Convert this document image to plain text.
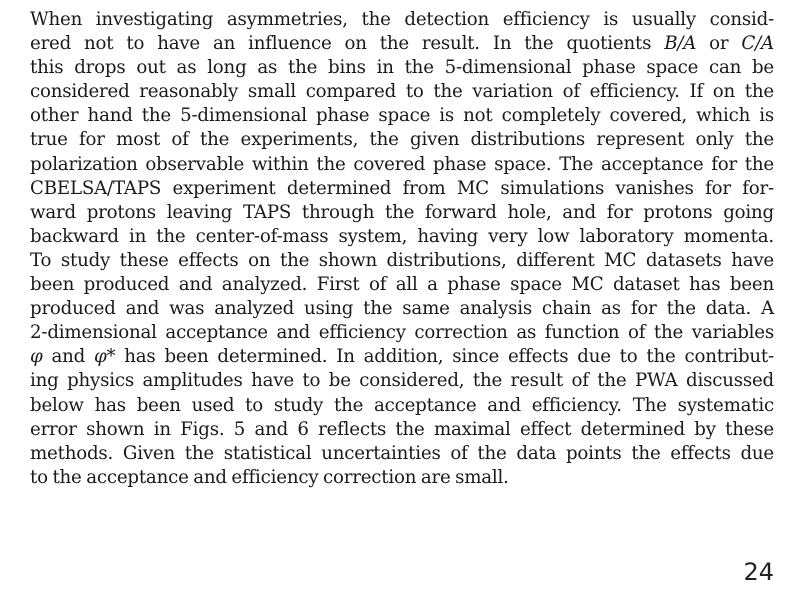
When investigating asymmetries, the detection efficiency is usually consid-
ered not to have an influence on the result. In the quotients B/A or C/A
this drops out as long as the bins in the 5-dimensional phase space can be
considered reasonably small compared to the variation of efficiency. If on the
other hand the 5-dimensional phase space is not completely covered, which is
true for most of the experiments, the given distributions represent only the
polarization observable within the covered phase space. The acceptance for the
CBELSA/TAPS experiment determined from MC simulations vanishes for for-
ward protons leaving TAPS through the forward hole, and for protons going
backward in the center-of-mass system, having very low laboratory momenta.
To study these effects on the shown distributions, different MC datasets have
been produced and analyzed. First of all a phase space MC dataset has been
produced and was analyzed using the same analysis chain as for the data. A
2-dimensional acceptance and efficiency correction as function of the variables
φ and φ* has been determined. In addition, since effects due to the contribut-
ing physics amplitudes have to be considered, the result of the PWA discussed
below has been used to study the acceptance and efficiency. The systematic
error shown in Figs. 5 and 6 reflects the maximal effect determined by these
methods. Given the statistical uncertainties of the data points the effects due
to the acceptance and efficiency correction are small.
24
